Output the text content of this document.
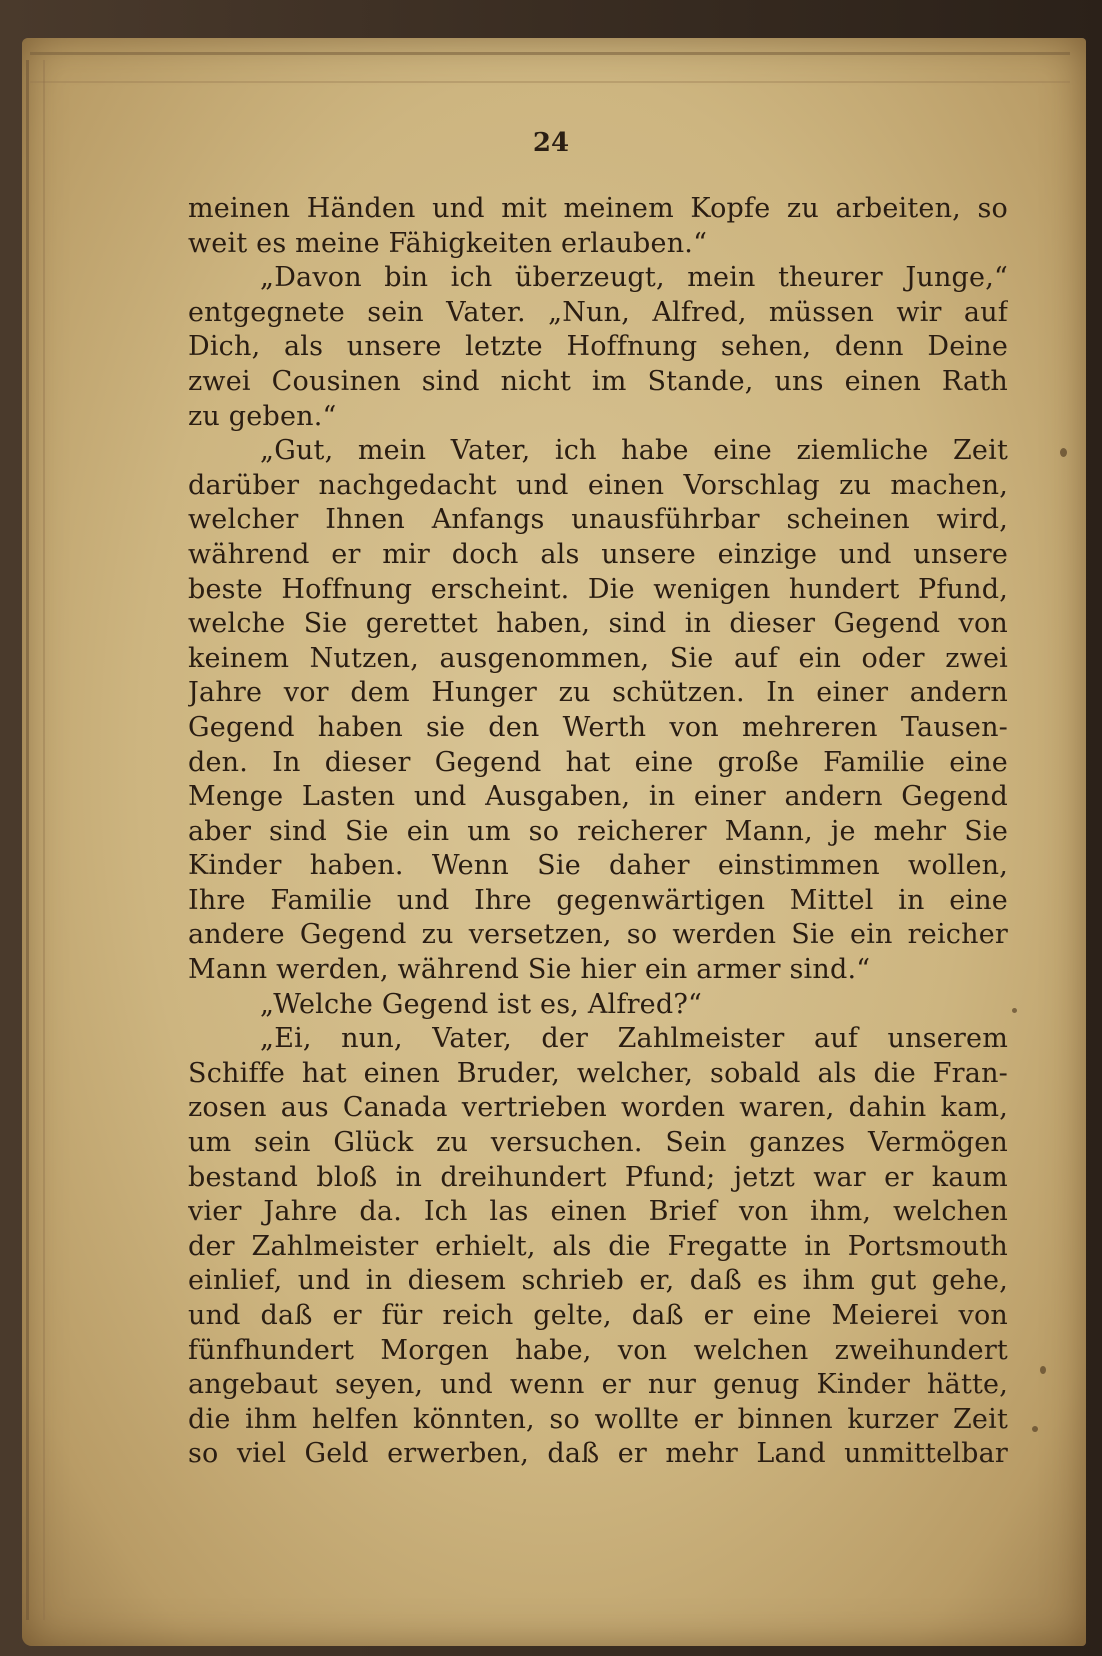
24
meinen Händen und mit meinem Kopfe zu arbeiten, so
weit es meine Fähigkeiten erlauben.“
„Davon bin ich überzeugt, mein theurer Junge,“
entgegnete sein Vater. „Nun, Alfred, müssen wir auf
Dich, als unsere letzte Hoffnung sehen, denn Deine
zwei Cousinen sind nicht im Stande, uns einen Rath
zu geben.“
„Gut, mein Vater, ich habe eine ziemliche Zeit
darüber nachgedacht und einen Vorschlag zu machen,
welcher Ihnen Anfangs unausführbar scheinen wird,
während er mir doch als unsere einzige und unsere
beste Hoffnung erscheint. Die wenigen hundert Pfund,
welche Sie gerettet haben, sind in dieser Gegend von
keinem Nutzen, ausgenommen, Sie auf ein oder zwei
Jahre vor dem Hunger zu schützen. In einer andern
Gegend haben sie den Werth von mehreren Tausen-
den. In dieser Gegend hat eine große Familie eine
Menge Lasten und Ausgaben, in einer andern Gegend
aber sind Sie ein um so reicherer Mann, je mehr Sie
Kinder haben. Wenn Sie daher einstimmen wollen,
Ihre Familie und Ihre gegenwärtigen Mittel in eine
andere Gegend zu versetzen, so werden Sie ein reicher
Mann werden, während Sie hier ein armer sind.“
„Welche Gegend ist es, Alfred?“
„Ei, nun, Vater, der Zahlmeister auf unserem
Schiffe hat einen Bruder, welcher, sobald als die Fran-
zosen aus Canada vertrieben worden waren, dahin kam,
um sein Glück zu versuchen. Sein ganzes Vermögen
bestand bloß in dreihundert Pfund; jetzt war er kaum
vier Jahre da. Ich las einen Brief von ihm, welchen
der Zahlmeister erhielt, als die Fregatte in Portsmouth
einlief, und in diesem schrieb er, daß es ihm gut gehe,
und daß er für reich gelte, daß er eine Meierei von
fünfhundert Morgen habe, von welchen zweihundert
angebaut seyen, und wenn er nur genug Kinder hätte,
die ihm helfen könnten, so wollte er binnen kurzer Zeit
so viel Geld erwerben, daß er mehr Land unmittelbar
